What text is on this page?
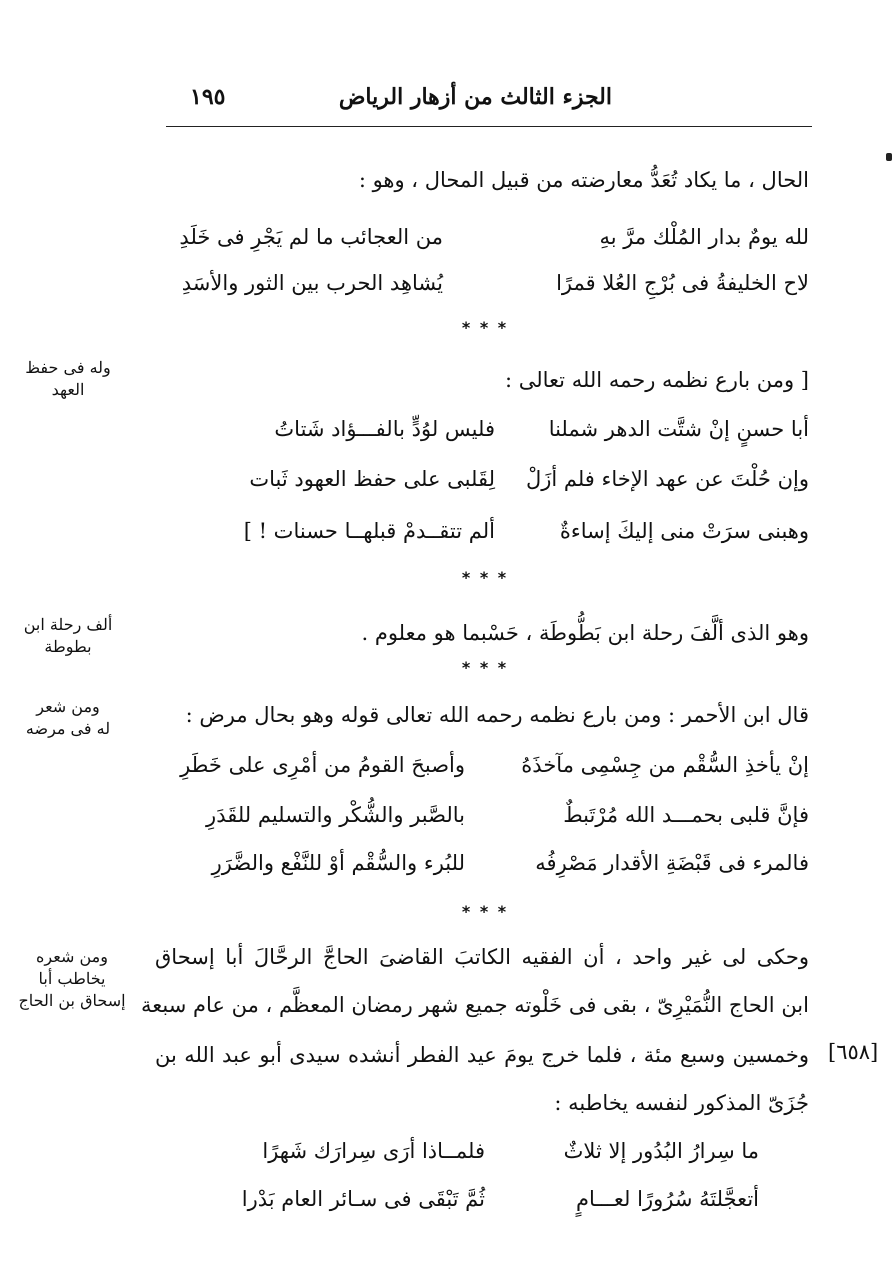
١٩٥	الجزء الثالث من أزهار الرياض
الحال ، ما يكاد تُعَدُّ معارضته من قبيل المحال ، وهو :
لله يومٌ بدار المُلْك مرَّ بهِ
من العجائب ما لم يَجْرِ فى خَلَدِ
لاح الخليفةُ فى بُرْجِ العُلا قمرًا
يُشاهِد الحرب بين الثور والأسَدِ
* * *
وله فى حفظ
العهد	[ ومن بارع نظمه رحمه الله تعالى :
أبا حسنٍ إنْ شتَّت الدهر شملنا
فليس لوُدٍّ بالفـــؤاد شَتاتُ
وإن حُلْتَ عن عهد الإخاء فلم أزَلْ
لِقَلبى على حفظ العهود ثَبات
وهبنى سرَتْ منى إليكَ إساءةٌ
ألم تتقــدمْ قبلهــا حسنات ! ]
* * *
ألف رحلة ابن
بطوطة
وهو الذى ألَّفَ رحلة ابن بَطُّوطَة ، حَسْبما هو معلوم .
* * *
ومن شعر
له فى مرضه
قال ابن الأحمر : ومن بارع نظمه رحمه الله تعالى قوله وهو بحال مرض :
إنْ يأخذِ السُّقْم من جِسْمِى مآخذَهُ
وأصبحَ القومُ من أمْرِى على خَطَرِ
فإنَّ قلبى بحمـــد الله مُرْتَبطٌ
بالصَّبر والشُّكْر والتسليم للقَدَرِ
فالمرء فى قَبْضَةِ الأقدار مَصْرِفُه
للبُرء والسُّقْم أوْ للنَّفْع والضَّرَرِ
* * *
ومن شعره
يخاطب أبا
إسحاق بن الحاج
وحكى لى غير واحد ، أن الفقيه الكاتبَ القاضىَ الحاجَّ الرحَّالَ أبا إسحاق
ابن الحاج النُّمَيْرِىّ ، بقى فى خَلْوته جميع شهر رمضان المعظَّم ، من عام سبعة
وخمسين وسبع مئة ، فلما خرج يومَ عيد الفطر أنشده سيدى أبو عبد الله بن
جُزَىّ المذكور لنفسه يخاطبه :
[٦٥٨]
ما سِرارُ البُدُور إلا ثلاثٌ
فلمــاذا أرَى سِرارَك شَهرًا
أتعجَّلتَهُ سُرُورًا لعـــامٍ
ثُمَّ تَبْقَى فى سـائر العام بَدْرا
